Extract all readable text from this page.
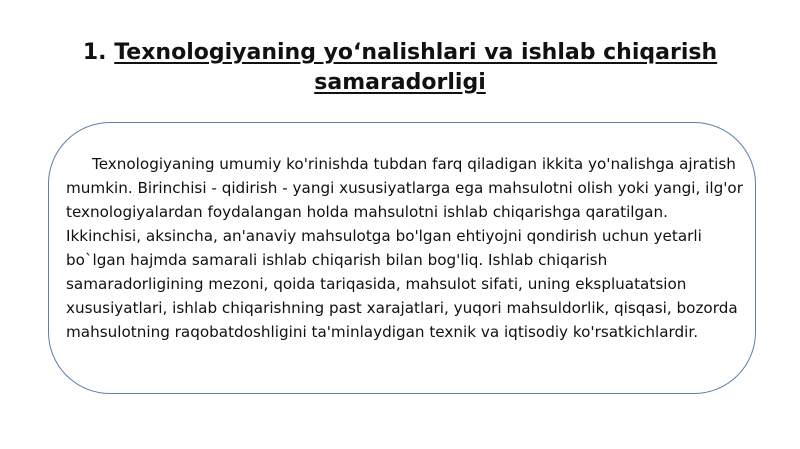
1. Texnologiyaning yoʻnalishlari va ishlab chiqarish samaradorligi

Texnologiyaning umumiy ko'rinishda tubdan farq qiladigan ikkita yo'nalishga ajratish mumkin. Birinchisi - qidirish - yangi xususiyatlarga ega mahsulotni olish yoki yangi, ilg'or texnologiyalardan foydalangan holda mahsulotni ishlab chiqarishga qaratilgan. Ikkinchisi, aksincha, an'anaviy mahsulotga bo'lgan ehtiyojni qondirish uchun yetarli bo`lgan hajmda samarali ishlab chiqarish bilan bog'liq. Ishlab chiqarish samaradorligining mezoni, qoida tariqasida, mahsulot sifati, uning ekspluatatsion xususiyatlari, ishlab chiqarishning past xarajatlari, yuqori mahsuldorlik, qisqasi, bozorda mahsulotning raqobatdoshligini ta'minlaydigan texnik va iqtisodiy ko'rsatkichlardir.
